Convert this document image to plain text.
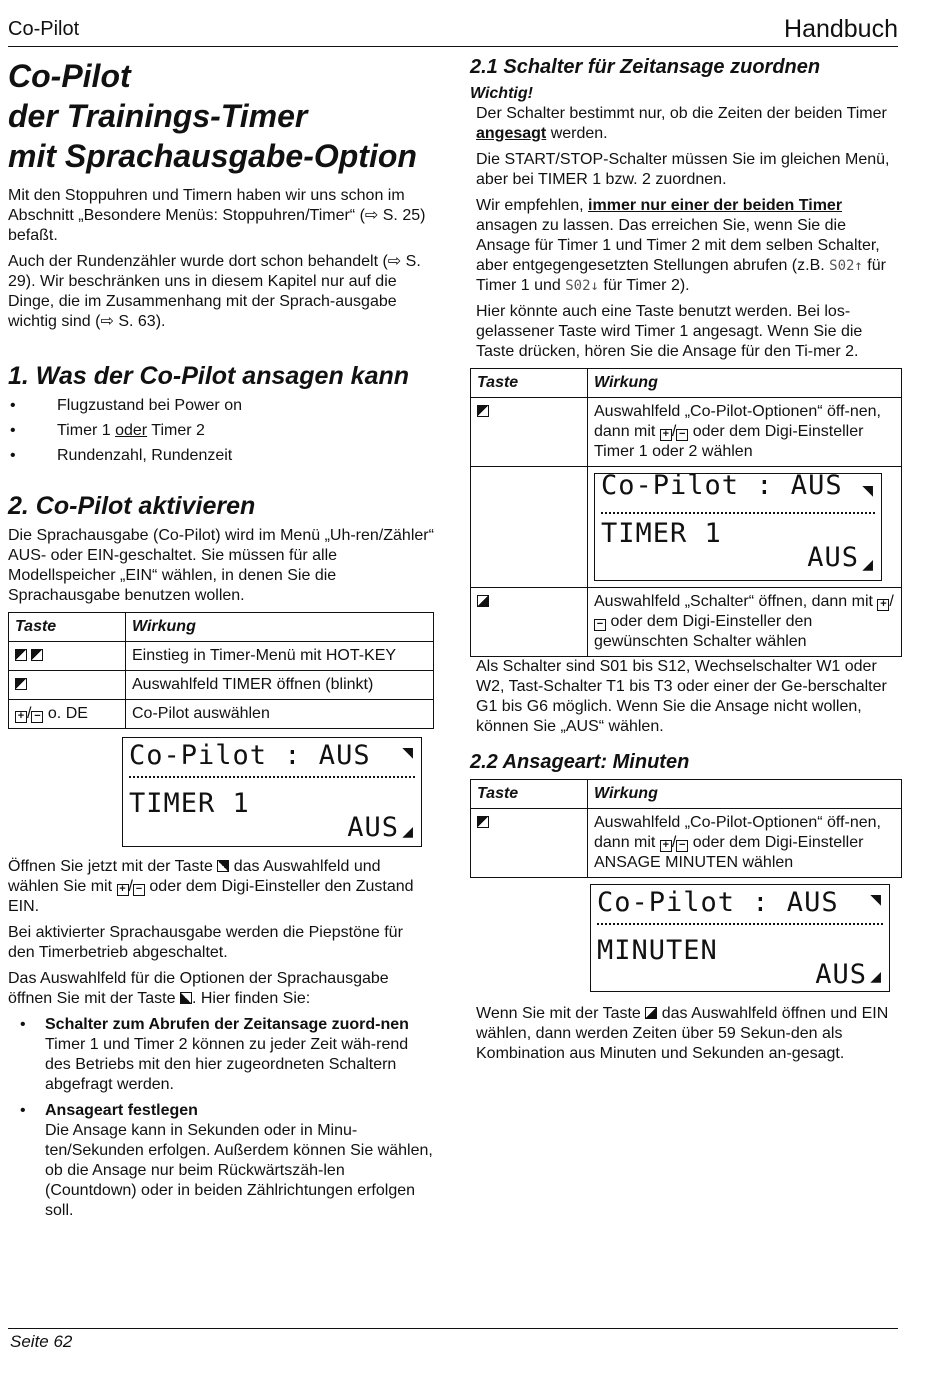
Co-Pilot	Handbuch
Co-Pilot
der Trainings-Timer
mit Sprachausgabe-Option

Mit den Stoppuhren und Timern haben wir uns schon im Abschnitt „Besondere Menüs: Stoppuhren/Timer“ (⇨ S. 25) befaßt.

Auch der Rundenzähler wurde dort schon behandelt (⇨ S. 29). Wir beschränken uns in diesem Kapitel nur auf die Dinge, die im Zusammenhang mit der Sprach-ausgabe wichtig sind (⇨ S. 63).

1. Was der Co-Pilot ansagen kann
• Flugzustand bei Power on
• Timer 1 oder Timer 2
• Rundenzahl, Rundenzeit
2. Co-Pilot aktivieren

Die Sprachausgabe (Co-Pilot) wird im Menü „Uh-ren/Zähler“ AUS- oder EIN-geschaltet. Sie müssen für alle Modellspeicher „EIN“ wählen, in denen Sie die Sprachausgabe benutzen wollen.

Taste	Wirkung
	Einstieg in Timer-Menü mit HOT-KEY
	Auswahlfeld TIMER öffnen (blinkt)
+ / − o. DE	Co-Pilot auswählen
Co-Pilot : AUS ◥
TIMER 1
AUS ◢

Öffnen Sie jetzt mit der Taste  das Auswahlfeld und wählen Sie mit + / − oder dem Digi-Einsteller den Zustand EIN.

Bei aktivierter Sprachausgabe werden die Piepstöne für den Timerbetrieb abgeschaltet.

Das Auswahlfeld für die Optionen der Sprachausgabe öffnen Sie mit der Taste . Hier finden Sie:

• Schalter zum Abrufen der Zeitansage zuord-nen
Timer 1 und Timer 2 können zu jeder Zeit wäh-rend des Betriebs mit den hier zugeordneten Schaltern abgefragt werden.
• Ansageart festlegen
Die Ansage kann in Sekunden oder in Minu-ten/Sekunden erfolgen. Außerdem können Sie wählen, ob die Ansage nur beim Rückwärtszäh-len (Countdown) oder in beiden Zählrichtungen erfolgen soll.
2.1 Schalter für Zeitansage zuordnen
Wichtig!

Der Schalter bestimmt nur, ob die Zeiten der beiden Timer angesagt werden.

Die START/STOP-Schalter müssen Sie im gleichen Menü, aber bei TIMER 1 bzw. 2 zuordnen.

Wir empfehlen, immer nur einer der beiden Timer ansagen zu lassen. Das erreichen Sie, wenn Sie die Ansage für Timer 1 und Timer 2 mit dem selben Schalter, aber entgegengesetzten Stellungen abrufen (z.B. S02↑ für Timer 1 und S02↓ für Timer 2).

Hier könnte auch eine Taste benutzt werden. Bei los-gelassener Taste wird Timer 1 angesagt. Wenn Sie die Taste drücken, hören Sie die Ansage für den Ti-mer 2.

Taste	Wirkung
	Auswahlfeld „Co-Pilot-Optionen“ öff-nen, dann mit + / − oder dem Digi-Einsteller Timer 1 oder 2 wählen

	Co-Pilot : AUS ◥
TIMER 1
AUS ◢

	Auswahlfeld „Schalter“ öffnen, dann mit + /− oder dem Digi-Einsteller den gewünschten Schalter wählen

Als Schalter sind S01 bis S12, Wechselschalter W1 oder W2, Tast-Schalter T1 bis T3 oder einer der Ge-berschalter G1 bis G6 möglich. Wenn Sie die Ansage nicht wollen, können Sie „AUS“ wählen.

2.2 Ansageart: Minuten
Taste	Wirkung
	Auswahlfeld „Co-Pilot-Optionen“ öff-nen, dann mit + / − oder dem Digi-Einsteller ANSAGE MINUTEN wählen
Co-Pilot : AUS ◥
MINUTEN
AUS ◢

Wenn Sie mit der Taste  das Auswahlfeld öffnen und EIN wählen, dann werden Zeiten über 59 Sekun-den als Kombination aus Minuten und Sekunden an-gesagt.

Seite 62
